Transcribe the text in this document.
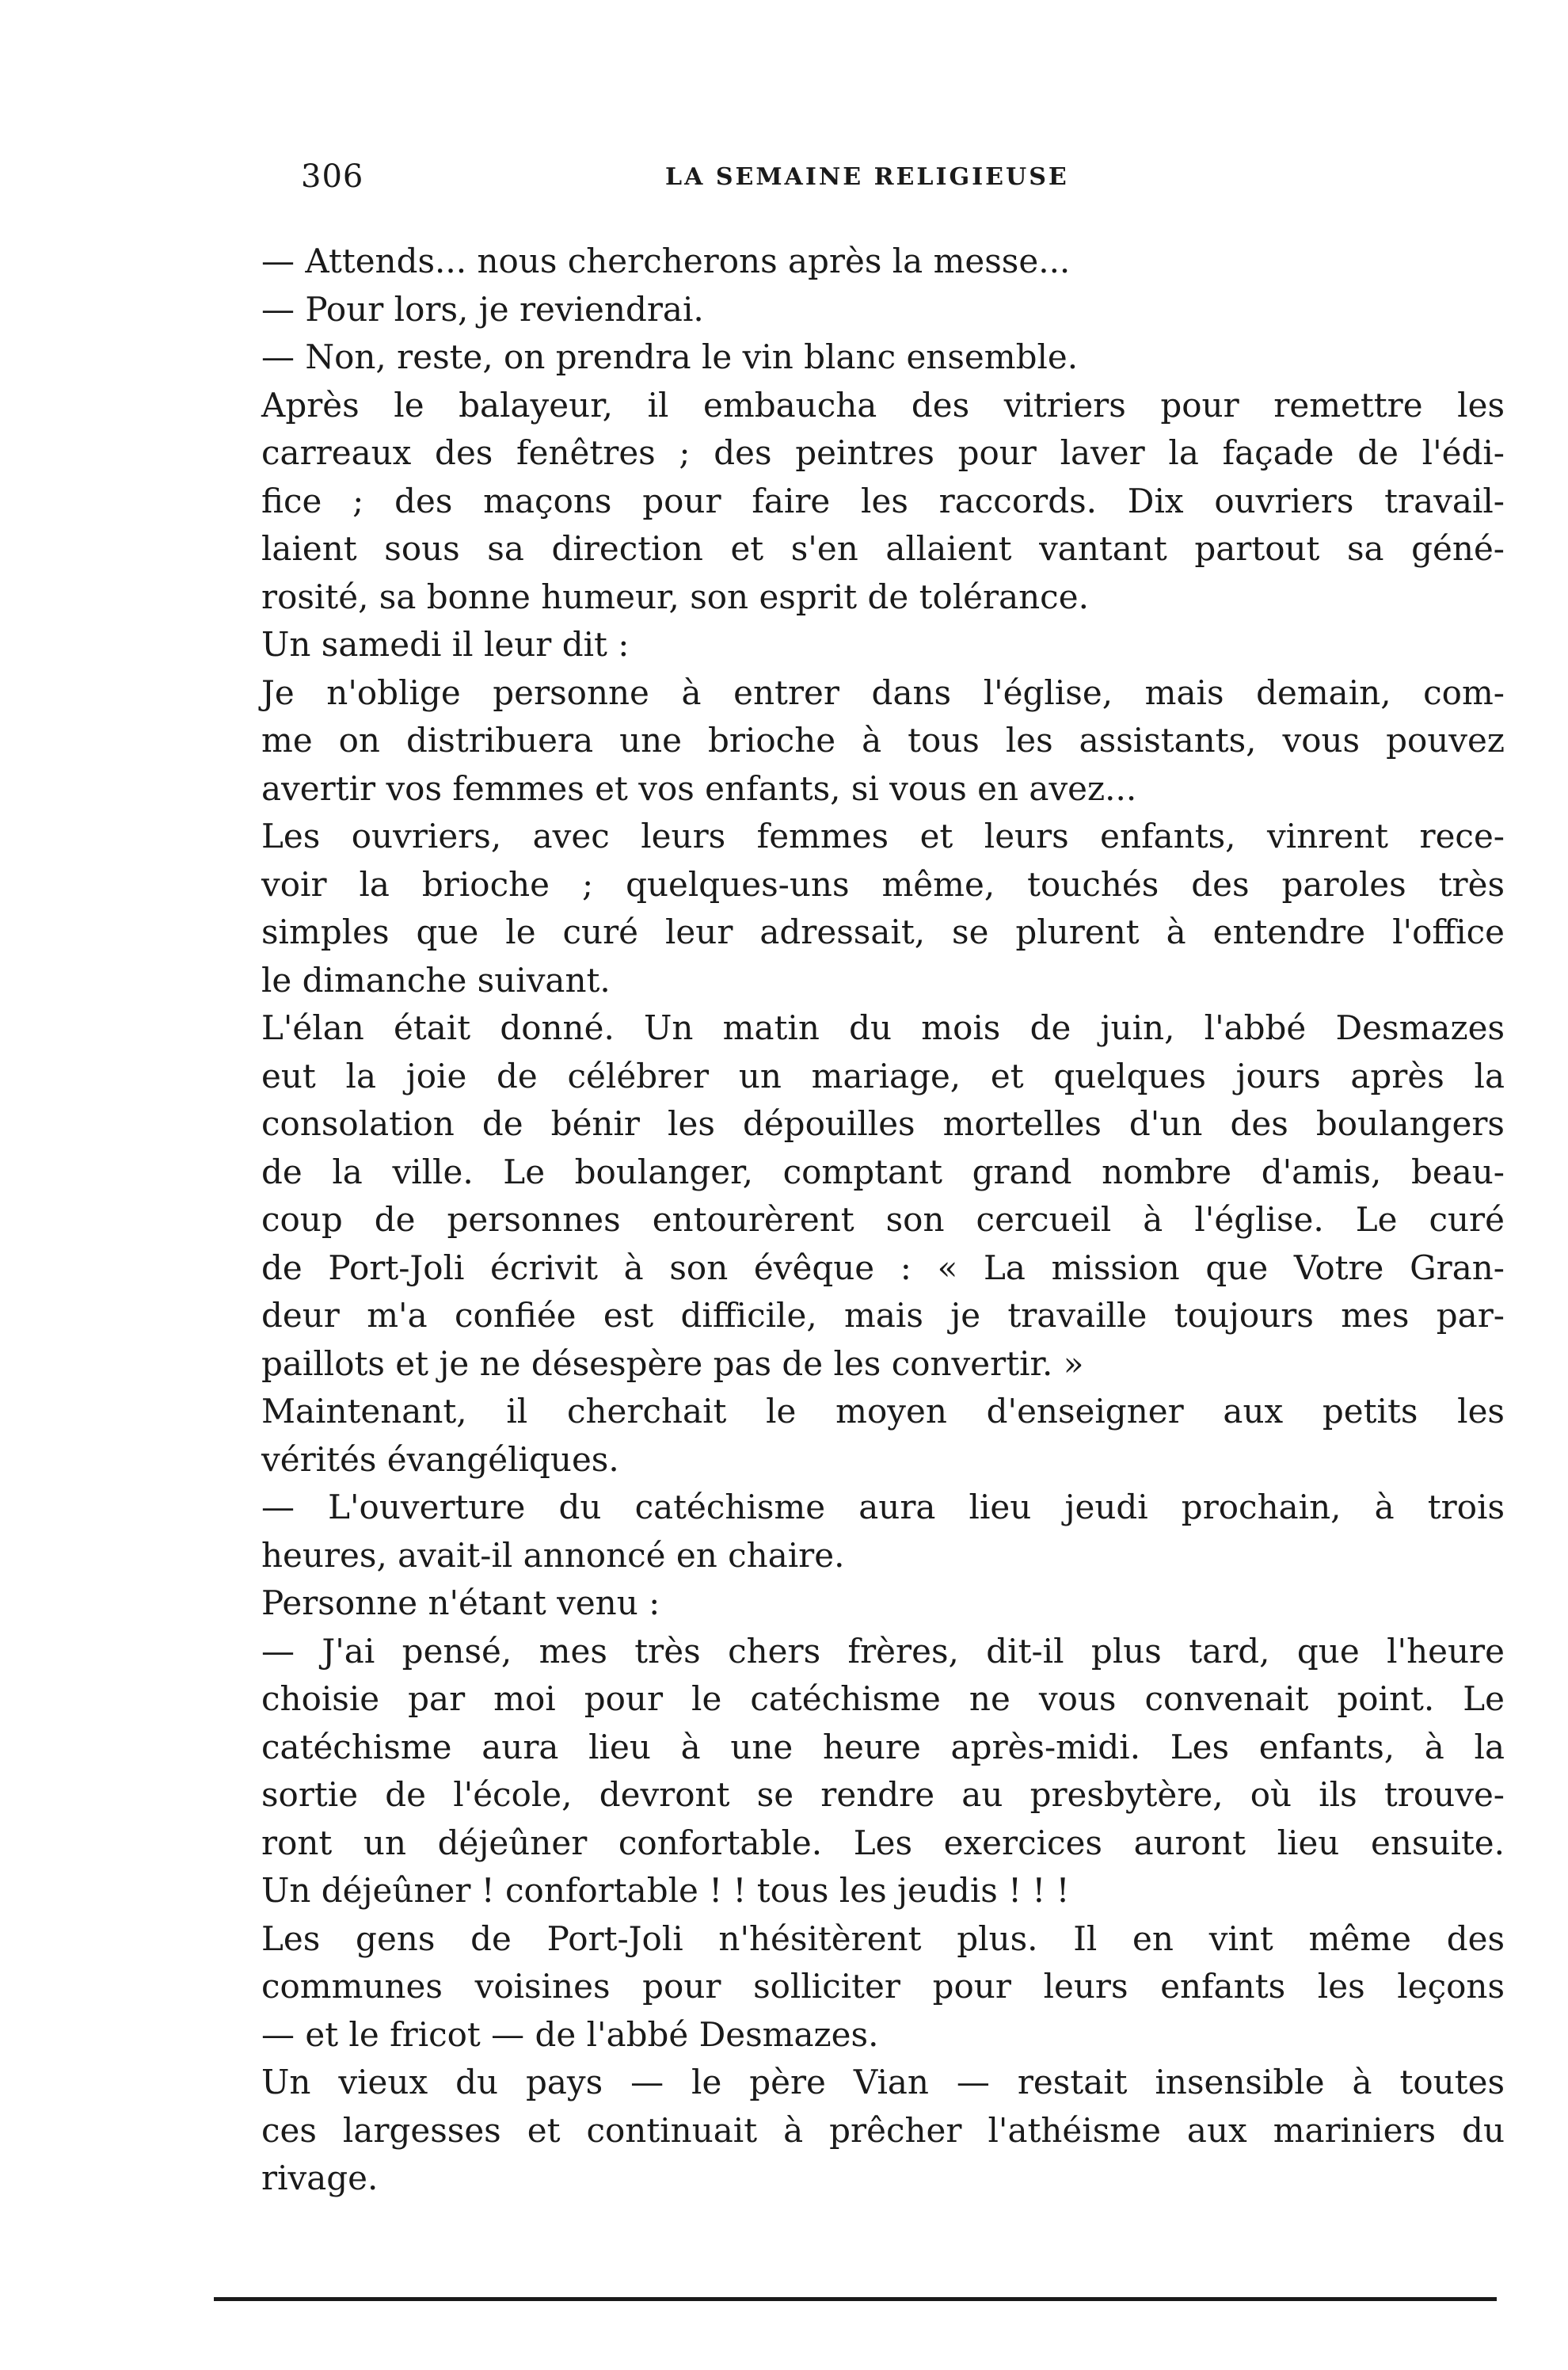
306	LA SEMAINE RELIGIEUSE
— Attends... nous chercherons après la messe...
— Pour lors, je reviendrai.
— Non, reste, on prendra le vin blanc ensemble.
Après le balayeur, il embaucha des vitriers pour remettre les
carreaux des fenêtres ; des peintres pour laver la façade de l'édi-
fice ; des maçons pour faire les raccords. Dix ouvriers travail-
laient sous sa direction et s'en allaient vantant partout sa géné-
rosité, sa bonne humeur, son esprit de tolérance.
Un samedi il leur dit :
Je n'oblige personne à entrer dans l'église, mais demain, com-
me on distribuera une brioche à tous les assistants, vous pouvez
avertir vos femmes et vos enfants, si vous en avez...
Les ouvriers, avec leurs femmes et leurs enfants, vinrent rece-
voir la brioche ; quelques-uns même, touchés des paroles très
simples que le curé leur adressait, se plurent à entendre l'office
le dimanche suivant.
L'élan était donné. Un matin du mois de juin, l'abbé Desmazes
eut la joie de célébrer un mariage, et quelques jours après la
consolation de bénir les dépouilles mortelles d'un des boulangers
de la ville. Le boulanger, comptant grand nombre d'amis, beau-
coup de personnes entourèrent son cercueil à l'église. Le curé
de Port-Joli écrivit à son évêque : « La mission que Votre Gran-
deur m'a confiée est difficile, mais je travaille toujours mes par-
paillots et je ne désespère pas de les convertir. »
Maintenant, il cherchait le moyen d'enseigner aux petits les
vérités évangéliques.
— L'ouverture du catéchisme aura lieu jeudi prochain, à trois
heures, avait-il annoncé en chaire.
Personne n'étant venu :
— J'ai pensé, mes très chers frères, dit-il plus tard, que l'heure
choisie par moi pour le catéchisme ne vous convenait point. Le
catéchisme aura lieu à une heure après-midi. Les enfants, à la
sortie de l'école, devront se rendre au presbytère, où ils trouve-
ront un déjeûner confortable. Les exercices auront lieu ensuite.
Un déjeûner ! confortable ! ! tous les jeudis ! ! !
Les gens de Port-Joli n'hésitèrent plus. Il en vint même des
communes voisines pour solliciter pour leurs enfants les leçons
— et le fricot — de l'abbé Desmazes.
Un vieux du pays — le père Vian — restait insensible à toutes
ces largesses et continuait à prêcher l'athéisme aux mariniers du
rivage.
